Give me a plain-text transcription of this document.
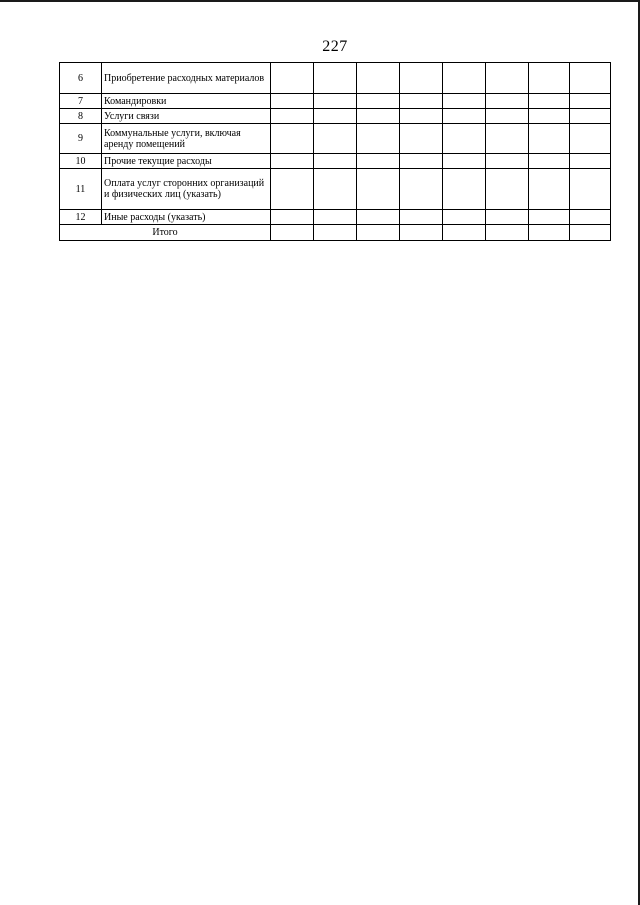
227
6	Приобретение расходных материалов								
7	Командировки								
8	Услуги связи								
9	Коммунальные услуги, включая аренду помещений								
10	Прочие текущие расходы								
11	Оплата услуг сторонних организаций и физических лиц (указать)								
12	Иные расходы (указать)								
Итого									
